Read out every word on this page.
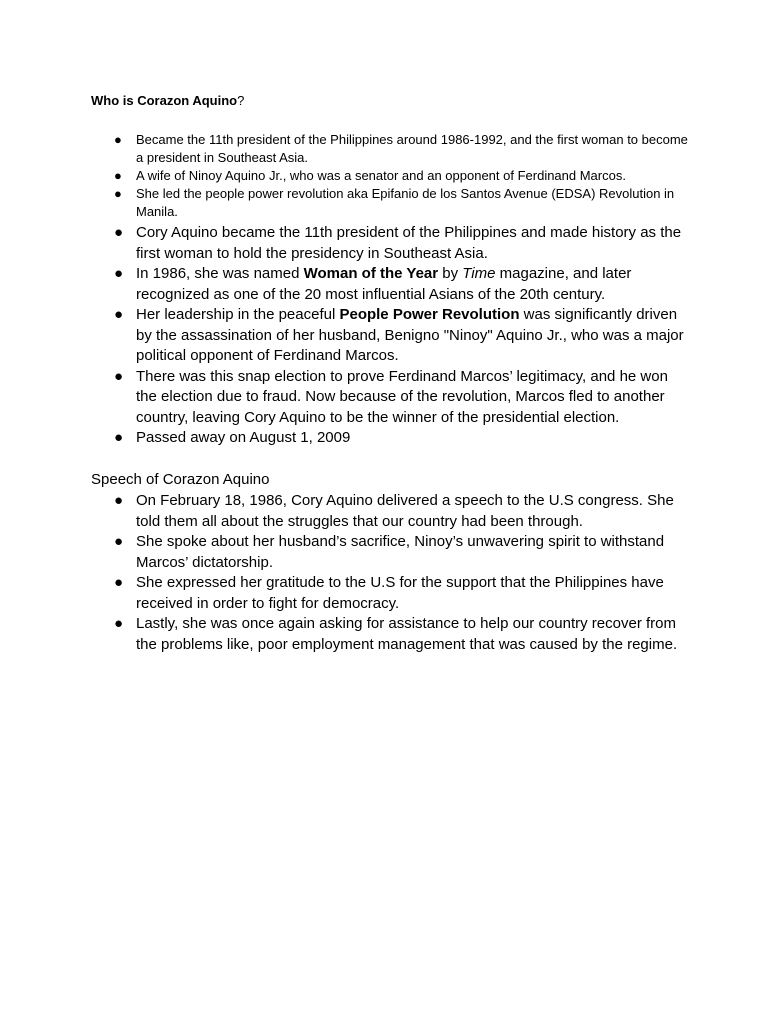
Who is Corazon Aquino?
● Became the 11th president of the Philippines around 1986-1992, and the first woman to become a president in Southeast Asia.
● A wife of Ninoy Aquino Jr., who was a senator and an opponent of Ferdinand Marcos.
● She led the people power revolution aka Epifanio de los Santos Avenue (EDSA) Revolution in Manila.
● Cory Aquino became the 11th president of the Philippines and made history as the first woman to hold the presidency in Southeast Asia.
● In 1986, she was named Woman of the Year by Time magazine, and later recognized as one of the 20 most influential Asians of the 20th century.
● Her leadership in the peaceful People Power Revolution was significantly driven by the assassination of her husband, Benigno "Ninoy" Aquino Jr., who was a major political opponent of Ferdinand Marcos.
● There was this snap election to prove Ferdinand Marcos’ legitimacy, and he won the election due to fraud. Now because of the revolution, Marcos fled to another country, leaving Cory Aquino to be the winner of the presidential election.
● Passed away on August 1, 2009
Speech of Corazon Aquino
● On February 18, 1986, Cory Aquino delivered a speech to the U.S congress. She told them all about the struggles that our country had been through.
● She spoke about her husband’s sacrifice, Ninoy’s unwavering spirit to withstand Marcos’ dictatorship.
● She expressed her gratitude to the U.S for the support that the Philippines have received in order to fight for democracy.
● Lastly, she was once again asking for assistance to help our country recover from the problems like, poor employment management that was caused by the regime.
